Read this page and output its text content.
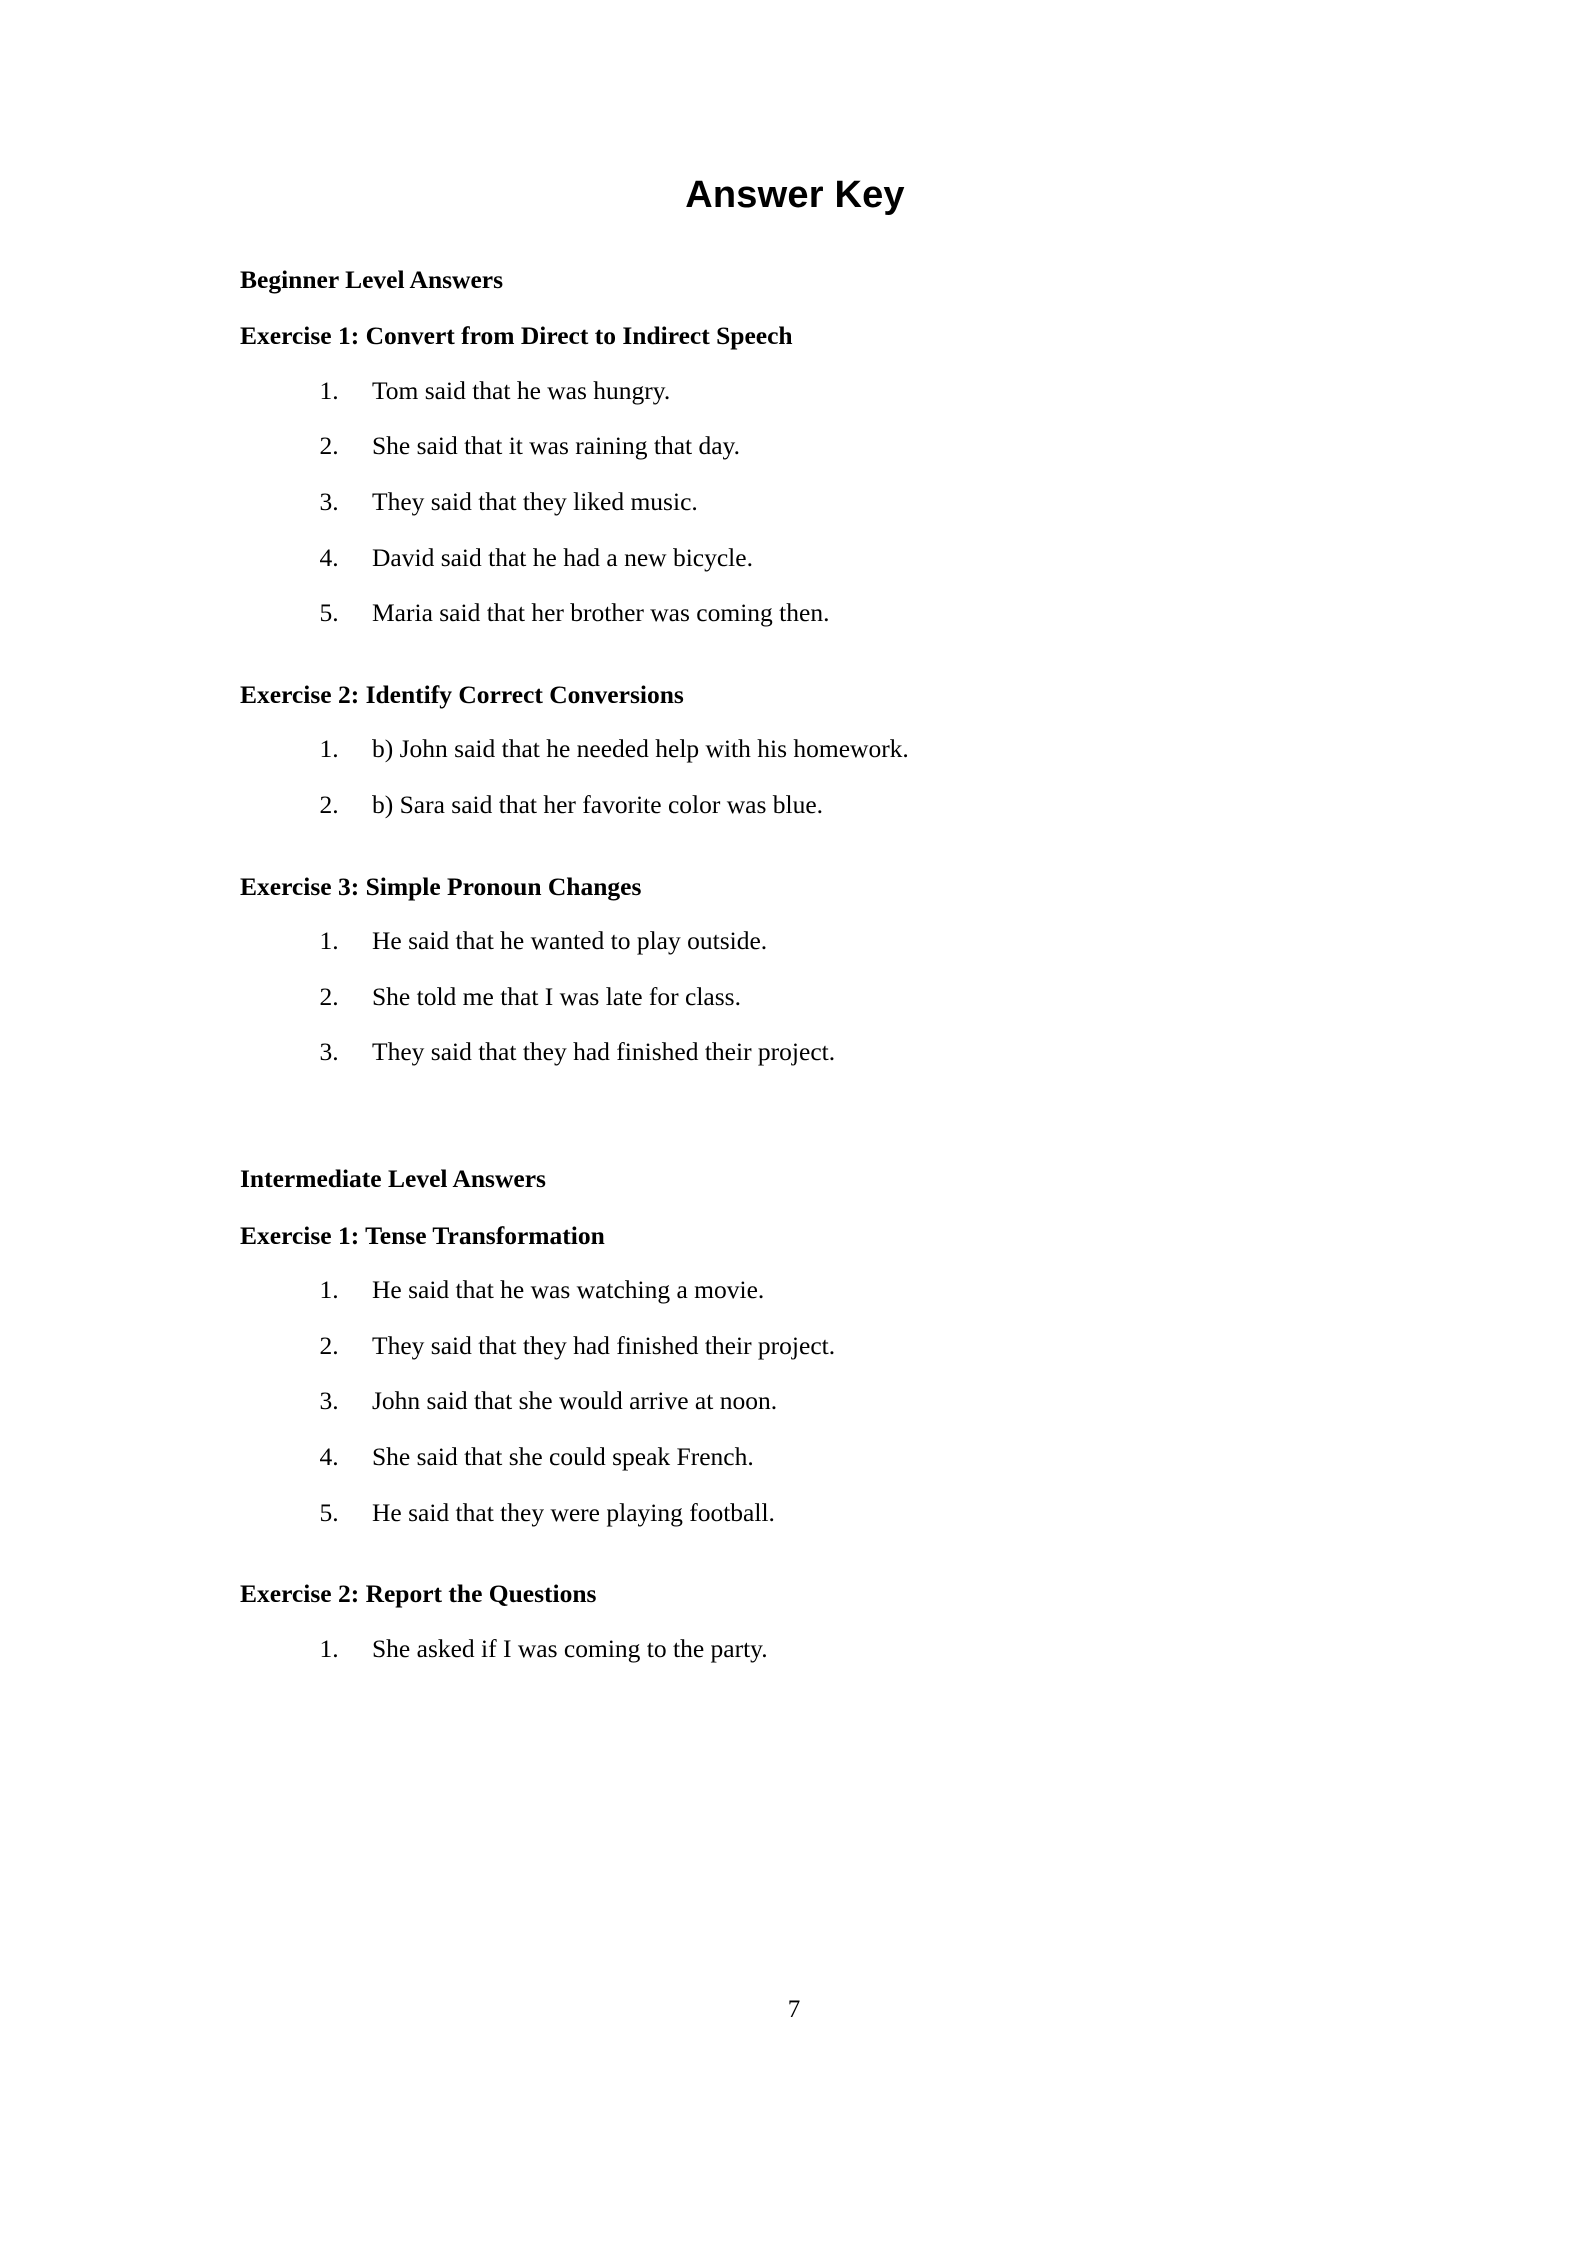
Answer Key
Beginner Level Answers
Exercise 1: Convert from Direct to Indirect Speech
1. Tom said that he was hungry.
2. She said that it was raining that day.
3. They said that they liked music.
4. David said that he had a new bicycle.
5. Maria said that her brother was coming then.
Exercise 2: Identify Correct Conversions
1. b) John said that he needed help with his homework.
2. b) Sara said that her favorite color was blue.
Exercise 3: Simple Pronoun Changes
1. He said that he wanted to play outside.
2. She told me that I was late for class.
3. They said that they had finished their project.
Intermediate Level Answers
Exercise 1: Tense Transformation
1. He said that he was watching a movie.
2. They said that they had finished their project.
3. John said that she would arrive at noon.
4. She said that she could speak French.
5. He said that they were playing football.
Exercise 2: Report the Questions
1. She asked if I was coming to the party.
7
